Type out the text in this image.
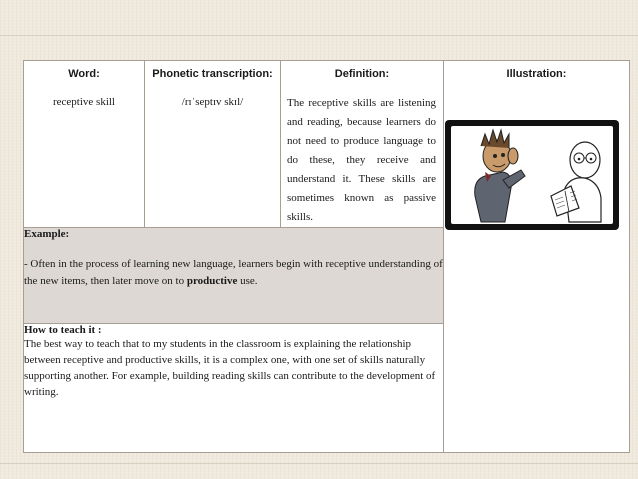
Word:
receptive skill

Phonetic transcription:
/rɪˈseptɪv skɪl/

Definition:
The receptive skills are listening and reading, because learners do not need to produce language to do these, they receive and understand it. These skills are sometimes known as passive skills.

Illustration:

Example:
- Often in the process of learning new language, learners begin with receptive understanding of the new items, then later move on to productive use.

How to teach it :
The best way to teach that to my students in the classroom is explaining the relationship between receptive and productive skills, it is a complex one, with one set of skills naturally supporting another. For example, building reading skills can contribute to the development of writing.
